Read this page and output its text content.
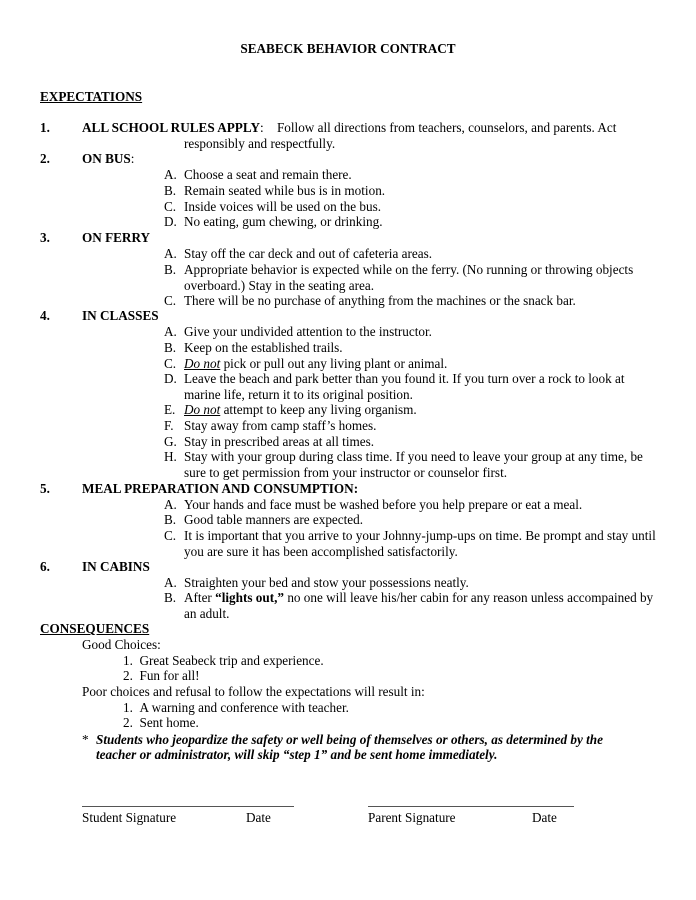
SEABECK BEHAVIOR CONTRACT
EXPECTATIONS
1. ALL SCHOOL RULES APPLY: Follow all directions from teachers, counselors, and parents. Act
responsibly and respectfully.
2. ON BUS:
A. Choose a seat and remain there.
B. Remain seated while bus is in motion.
C. Inside voices will be used on the bus.
D. No eating, gum chewing, or drinking.
3. ON FERRY
A. Stay off the car deck and out of cafeteria areas.
B. Appropriate behavior is expected while on the ferry. (No running or throwing objects overboard.) Stay in the seating area.
C. There will be no purchase of anything from the machines or the snack bar.
4. IN CLASSES
A. Give your undivided attention to the instructor.
B. Keep on the established trails.
C. Do not pick or pull out any living plant or animal.
D. Leave the beach and park better than you found it. If you turn over a rock to look at marine life, return it to its original position.
E. Do not attempt to keep any living organism.
F. Stay away from camp staff’s homes.
G. Stay in prescribed areas at all times.
H. Stay with your group during class time. If you need to leave your group at any time, be sure to get permission from your instructor or counselor first.
5. MEAL PREPARATION AND CONSUMPTION:
A. Your hands and face must be washed before you help prepare or eat a meal.
B. Good table manners are expected.
C. It is important that you arrive to your Johnny-jump-ups on time. Be prompt and stay until you are sure it has been accomplished satisfactorily.
6. IN CABINS
A. Straighten your bed and stow your possessions neatly.
B. After “lights out,” no one will leave his/her cabin for any reason unless accompained by an adult.
CONSEQUENCES
Good Choices:
1. Great Seabeck trip and experience.
2. Fun for all!
Poor choices and refusal to follow the expectations will result in:
1. A warning and conference with teacher.
2. Sent home.
* Students who jeopardize the safety or well being of themselves or others, as determined by the
teacher or administrator, will skip “step 1” and be sent home immediately.
Student Signature	Date	Parent Signature	Date
